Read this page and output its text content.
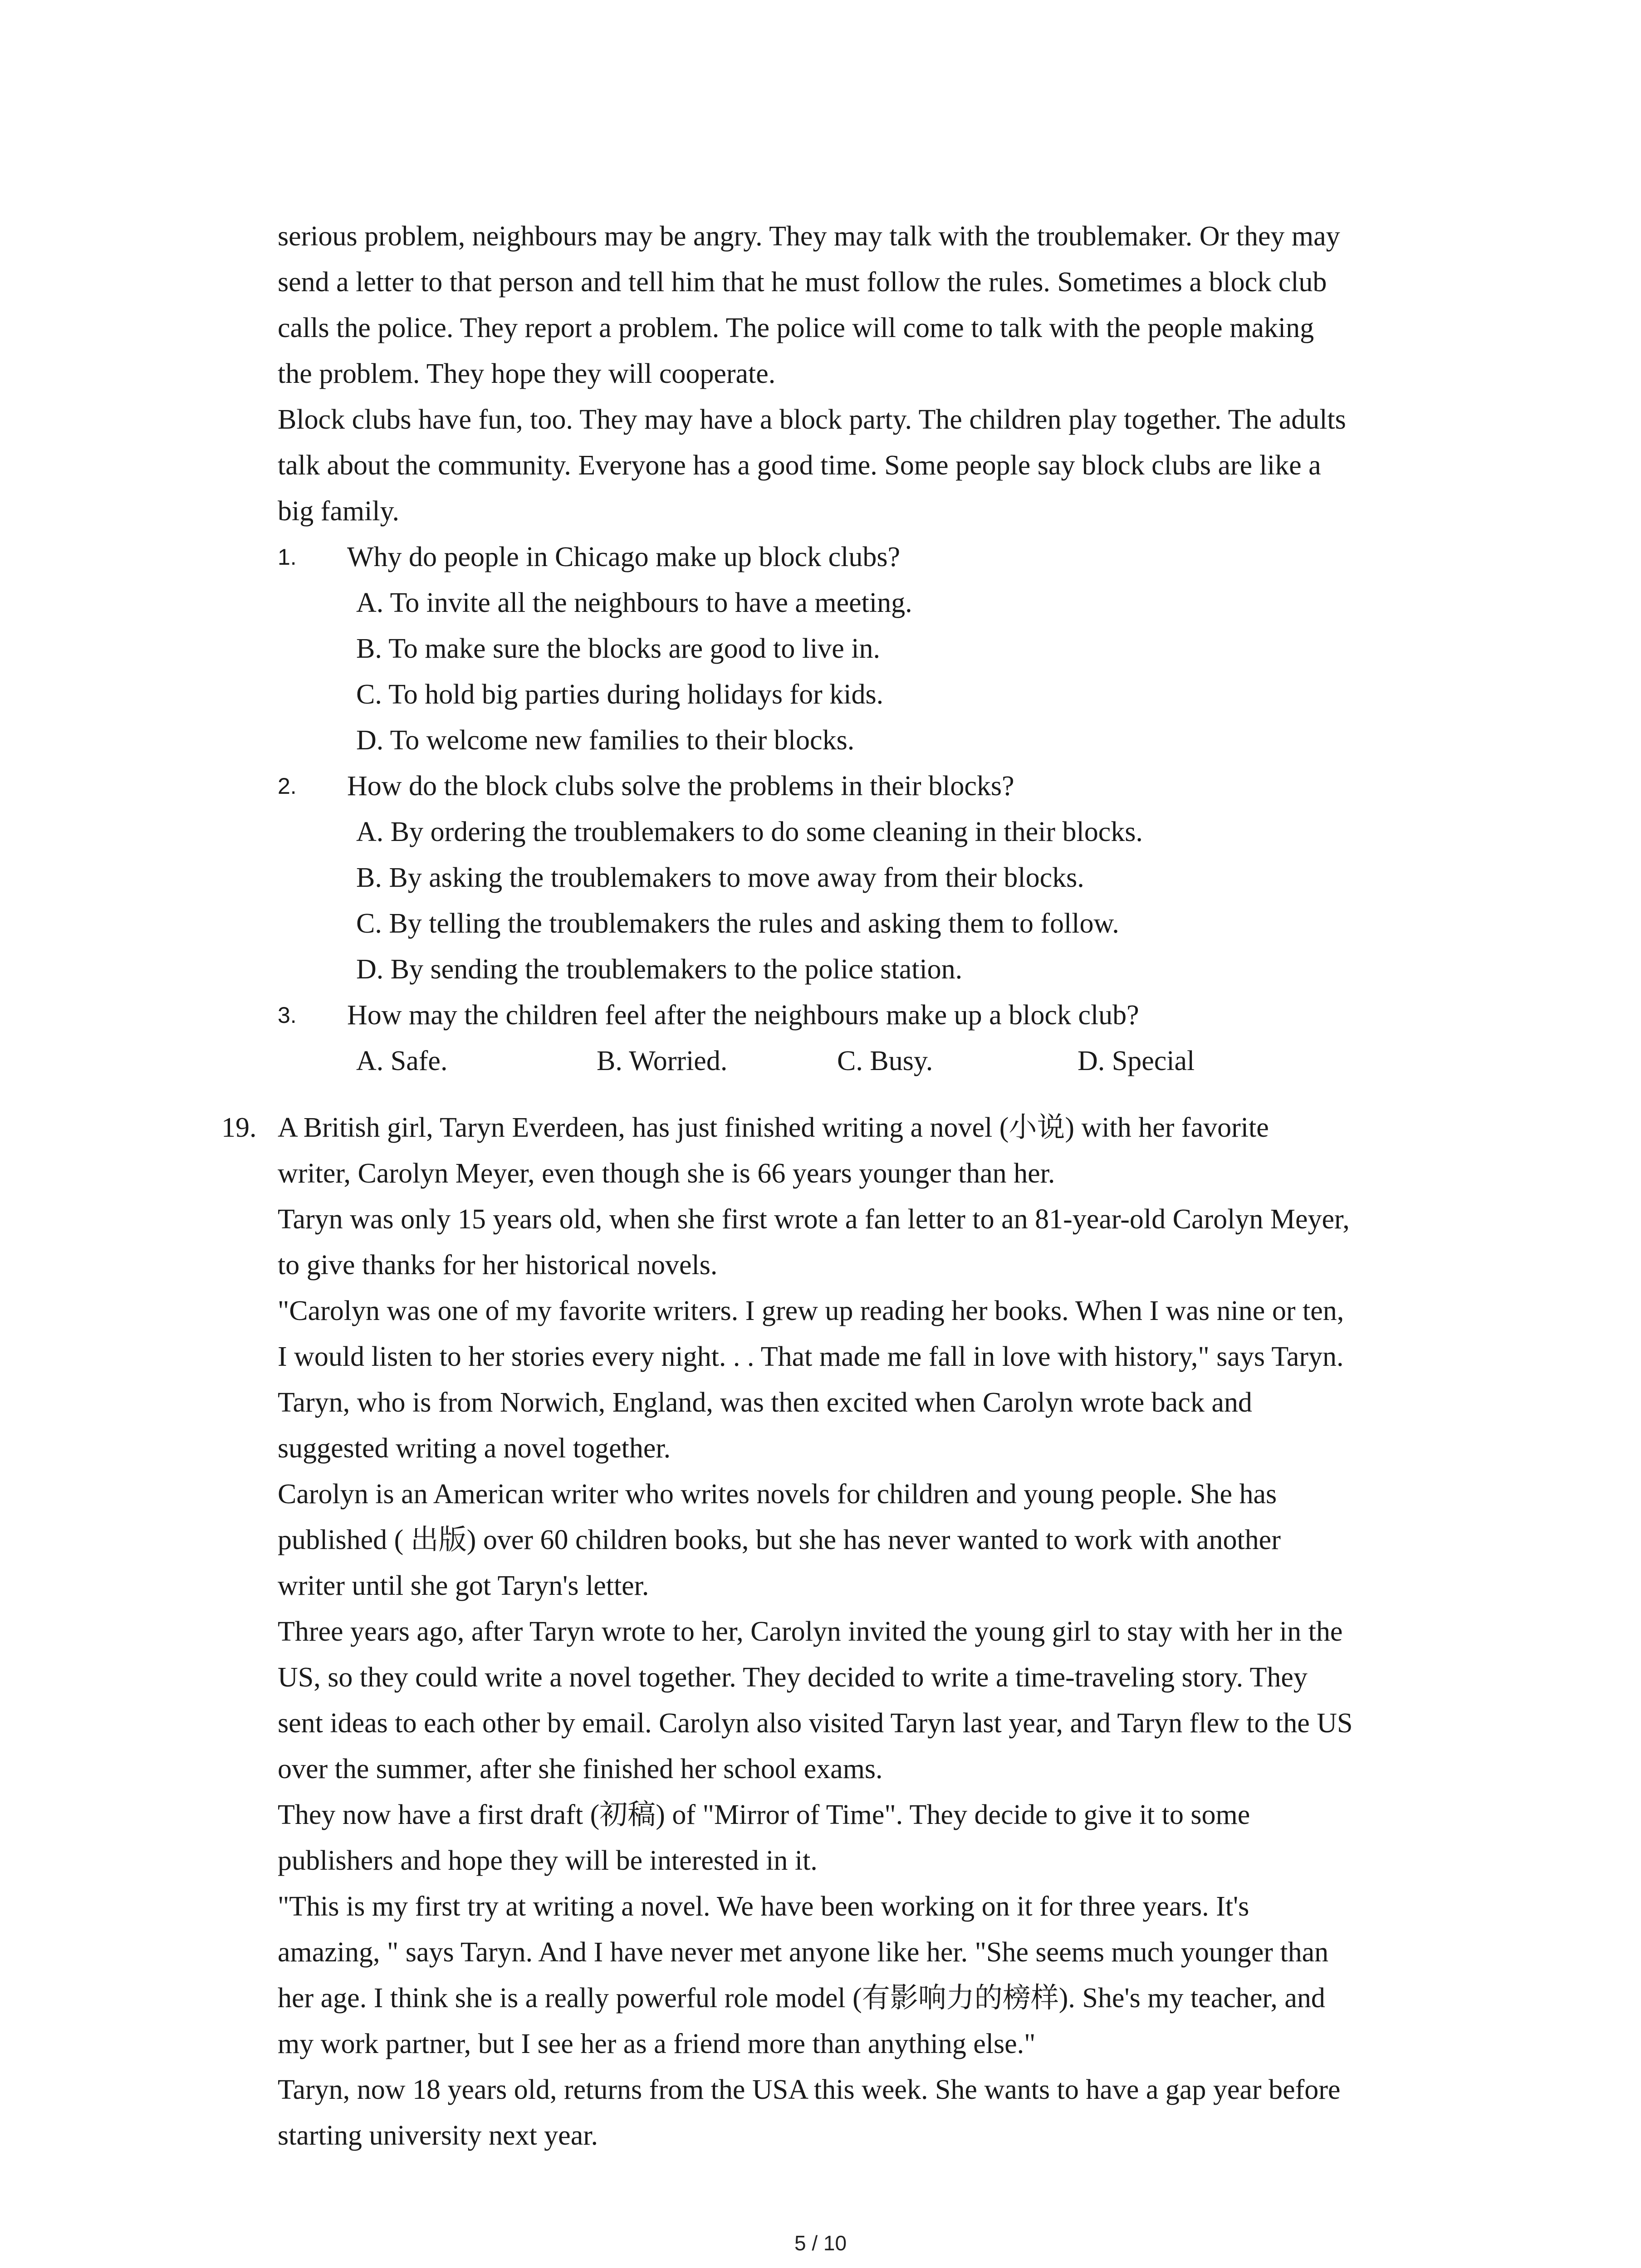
serious problem, neighbours may be angry. They may talk with the troublemaker. Or they may
send a letter to that person and tell him that he must follow the rules. Sometimes a block club
calls the police. They report a problem. The police will come to talk with the people making
the problem. They hope they will cooperate.
Block clubs have fun, too. They may have a block party. The children play together. The adults
talk about the community. Everyone has a good time. Some people say block clubs are like a
big family.
1. Why do people in Chicago make up block clubs?
A. To invite all the neighbours to have a meeting.
B. To make sure the blocks are good to live in.
C. To hold big parties during holidays for kids.
D. To welcome new families to their blocks.
2. How do the block clubs solve the problems in their blocks?
A. By ordering the troublemakers to do some cleaning in their blocks.
B. By asking the troublemakers to move away from their blocks.
C. By telling the troublemakers the rules and asking them to follow.
D. By sending the troublemakers to the police station.
3. How may the children feel after the neighbours make up a block club?
A. Safe.	B. Worried.	C. Busy.	D. Special
19. A British girl, Taryn Everdeen, has just finished writing a novel (小说) with her favorite
writer, Carolyn Meyer, even though she is 66 years younger than her.
Taryn was only 15 years old, when she first wrote a fan letter to an 81-year-old Carolyn Meyer,
to give thanks for her historical novels.
"Carolyn was one of my favorite writers. I grew up reading her books. When I was nine or ten,
I would listen to her stories every night. . . That made me fall in love with history," says Taryn.
Taryn, who is from Norwich, England, was then excited when Carolyn wrote back and
suggested writing a novel together.
Carolyn is an American writer who writes novels for children and young people. She has
published ( 出版) over 60 children books, but she has never wanted to work with another
writer until she got Taryn's letter.
Three years ago, after Taryn wrote to her, Carolyn invited the young girl to stay with her in the
US, so they could write a novel together. They decided to write a time-traveling story. They
sent ideas to each other by email. Carolyn also visited Taryn last year, and Taryn flew to the US
over the summer, after she finished her school exams.
They now have a first draft (初稿) of "Mirror of Time". They decide to give it to some
publishers and hope they will be interested in it.
"This is my first try at writing a novel. We have been working on it for three years. It's
amazing, " says Taryn. And I have never met anyone like her. "She seems much younger than
her age. I think she is a really powerful role model (有影响力的榜样). She's my teacher, and
my work partner, but I see her as a friend more than anything else."
Taryn, now 18 years old, returns from the USA this week. She wants to have a gap year before
starting university next year.
5 / 10
